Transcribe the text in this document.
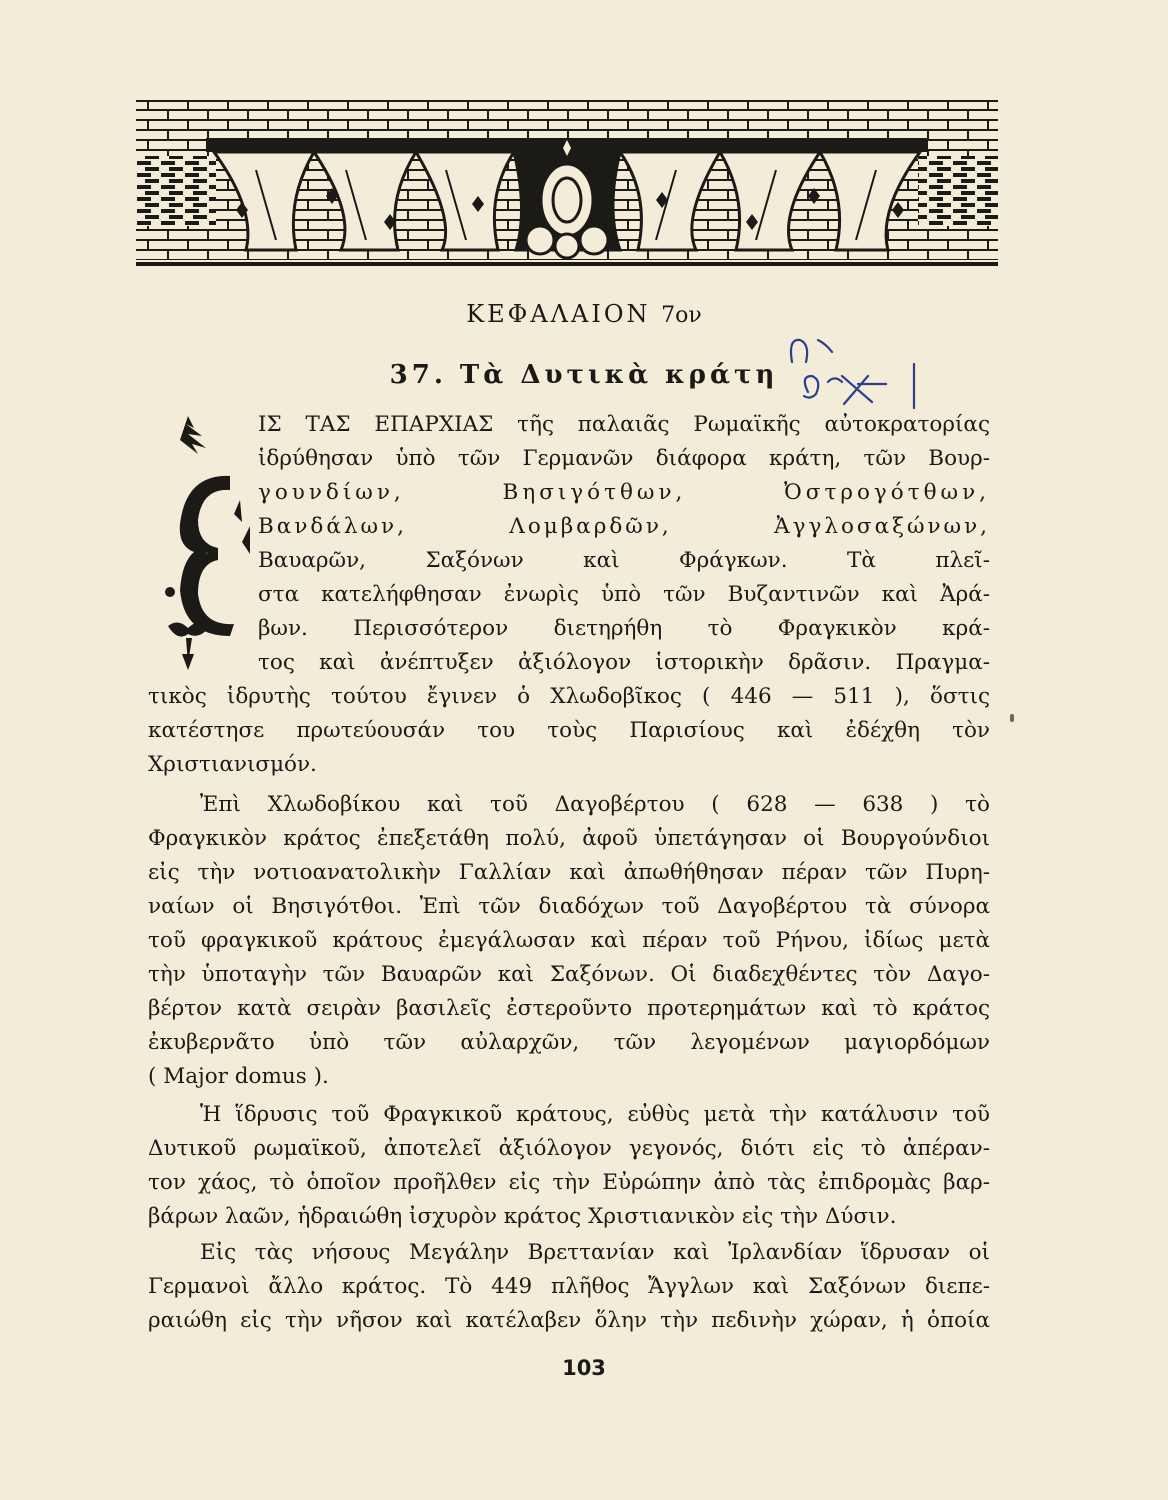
ΚΕΦΑΛΑΙΟΝ 7ον
37. Τὰ Δυτικὰ κράτη
Ε
ΙΣ ΤΑΣ ΕΠΑΡΧΙΑΣ τῆς παλαιᾶς Ρωμαϊκῆς αὐτοκρατορίας
ἱδρύθησαν ὑπὸ τῶν Γερμανῶν διάφορα κράτη, τῶν Βουρ-
γουνδίων, Βησιγότθων, Ὀστρογότθων,
Βανδάλων, Λομβαρδῶν, Ἀγγλοσαξώνων,
Βαυαρῶν, Σαξόνων καὶ Φράγκων. Τὰ πλεῖ-
στα κατελήφθησαν ἐνωρὶς ὑπὸ τῶν Βυζαντινῶν καὶ Ἀρά-
βων. Περισσότερον διετηρήθη τὸ Φραγκικὸν κρά-
τος καὶ ἀνέπτυξεν ἀξιόλογον ἱστορικὴν δρᾶσιν. Πραγμα-
τικὸς ἱδρυτὴς τούτου ἔγινεν ὁ Χλωδοβῖκος ( 446 — 511 ), ὅστις
κατέστησε πρωτεύουσάν του τοὺς Παρισίους καὶ ἐδέχθη τὸν
Χριστιανισμόν.
Ἐπὶ Χλωδοβίκου καὶ τοῦ Δαγοβέρτου ( 628 — 638 ) τὸ
Φραγκικὸν κράτος ἐπεξετάθη πολύ, ἀφοῦ ὑπετάγησαν οἱ Βουργούνδιοι
εἰς τὴν νοτιοανατολικὴν Γαλλίαν καὶ ἀπωθήθησαν πέραν τῶν Πυρη-
ναίων οἱ Βησιγότθοι. Ἐπὶ τῶν διαδόχων τοῦ Δαγοβέρτου τὰ σύνορα
τοῦ φραγκικοῦ κράτους ἐμεγάλωσαν καὶ πέραν τοῦ Ρήνου, ἰδίως μετὰ
τὴν ὑποταγὴν τῶν Βαυαρῶν καὶ Σαξόνων. Οἱ διαδεχθέντες τὸν Δαγο-
βέρτον κατὰ σειρὰν βασιλεῖς ἐστεροῦντο προτερημάτων καὶ τὸ κράτος
ἐκυβερνᾶτο ὑπὸ τῶν αὐλαρχῶν, τῶν λεγομένων μαγιορδόμων
( Major domus ).
Ἡ ἵδρυσις τοῦ Φραγκικοῦ κράτους, εὐθὺς μετὰ τὴν κατάλυσιν τοῦ
Δυτικοῦ ρωμαϊκοῦ, ἀποτελεῖ ἀξιόλογον γεγονός, διότι εἰς τὸ ἀπέραν-
τον χάος, τὸ ὁποῖον προῆλθεν εἰς τὴν Εὐρώπην ἀπὸ τὰς ἐπιδρομὰς βαρ-
βάρων λαῶν, ἡδραιώθη ἰσχυρὸν κράτος Χριστιανικὸν εἰς τὴν Δύσιν.
Εἰς τὰς νήσους Μεγάλην Βρεττανίαν καὶ Ἰρλανδίαν ἵδρυσαν οἱ
Γερμανοὶ ἄλλο κράτος. Τὸ 449 πλῆθος Ἄγγλων καὶ Σαξόνων διεπε-
ραιώθη εἰς τὴν νῆσον καὶ κατέλαβεν ὅλην τὴν πεδινὴν χώραν, ἡ ὁποία
103
